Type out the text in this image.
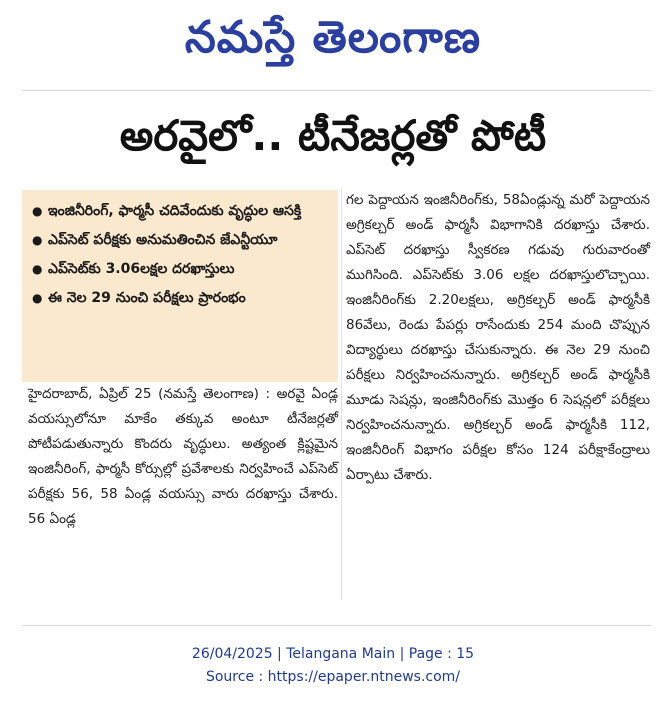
నమస్తే తెలంగాణ
అరవైలో.. టీనేజర్లతో పోటీ
● ఇంజినీరింగ్, ఫార్మసీ చదివేందుకు వృద్ధుల ఆసక్తి
● ఎప్‌సెట్ పరీక్షకు అనుమతించిన జేఎన్టీయూ
● ఎప్‌సెట్‌కు 3.06లక్షల దరఖాస్తులు
● ఈ నెల 29 నుంచి పరీక్షలు ప్రారంభం

హైదరాబాద్, ఏప్రిల్ 25 (నమస్తే తెలంగాణ) : అరవై ఏండ్ల వయస్సులోనూ మాకేం తక్కువ అంటూ టీనేజర్లతో పోటీపడుతున్నారు కొందరు వృద్ధులు. అత్యంత క్లిష్టమైన ఇంజినీరింగ్, ఫార్మసీ కోర్సుల్లో ప్రవేశాలకు నిర్వహించే ఎప్‌సెట్ పరీక్షకు 56, 58 ఏండ్ల వయస్సు వారు దరఖాస్తు చేశారు. 56 ఏండ్ల

గల పెద్దాయన ఇంజినీరింగ్‌కు, 58ఏండ్లున్న మరో పెద్దాయన అగ్రికల్చర్ అండ్ ఫార్మసీ విభాగానికి దరఖాస్తు చేశారు. ఎప్‌సెట్ దరఖాస్తు స్వీకరణ గడువు గురువారంతో ముగిసింది. ఎప్‌సెట్‌కు 3.06 లక్షల దరఖాస్తులొచ్చాయి. ఇంజినీరింగ్‌కు 2.20లక్షలు, అగ్రికల్చర్ అండ్ ఫార్మసీకి 86వేలు, రెండు పేపర్లు రాసేందుకు 254 మంది చొప్పున విద్యార్థులు దరఖాస్తు చేసుకున్నారు. ఈ నెల 29 నుంచి పరీక్షలు నిర్వహించనున్నారు. అగ్రికల్చర్ అండ్ ఫార్మసీకి మూడు సెషన్లు, ఇంజినీరింగ్‌కు మొత్తం 6 సెషన్లలో పరీక్షలు నిర్వహించనున్నారు. అగ్రికల్చర్ అండ్ ఫార్మసీకి 112, ఇంజినీరింగ్ విభాగం పరీక్షల కోసం 124 పరీక్షాకేంద్రాలు ఏర్పాటు చేశారు.

26/04/2025 | Telangana Main | Page : 15
Source : https://epaper.ntnews.com/
